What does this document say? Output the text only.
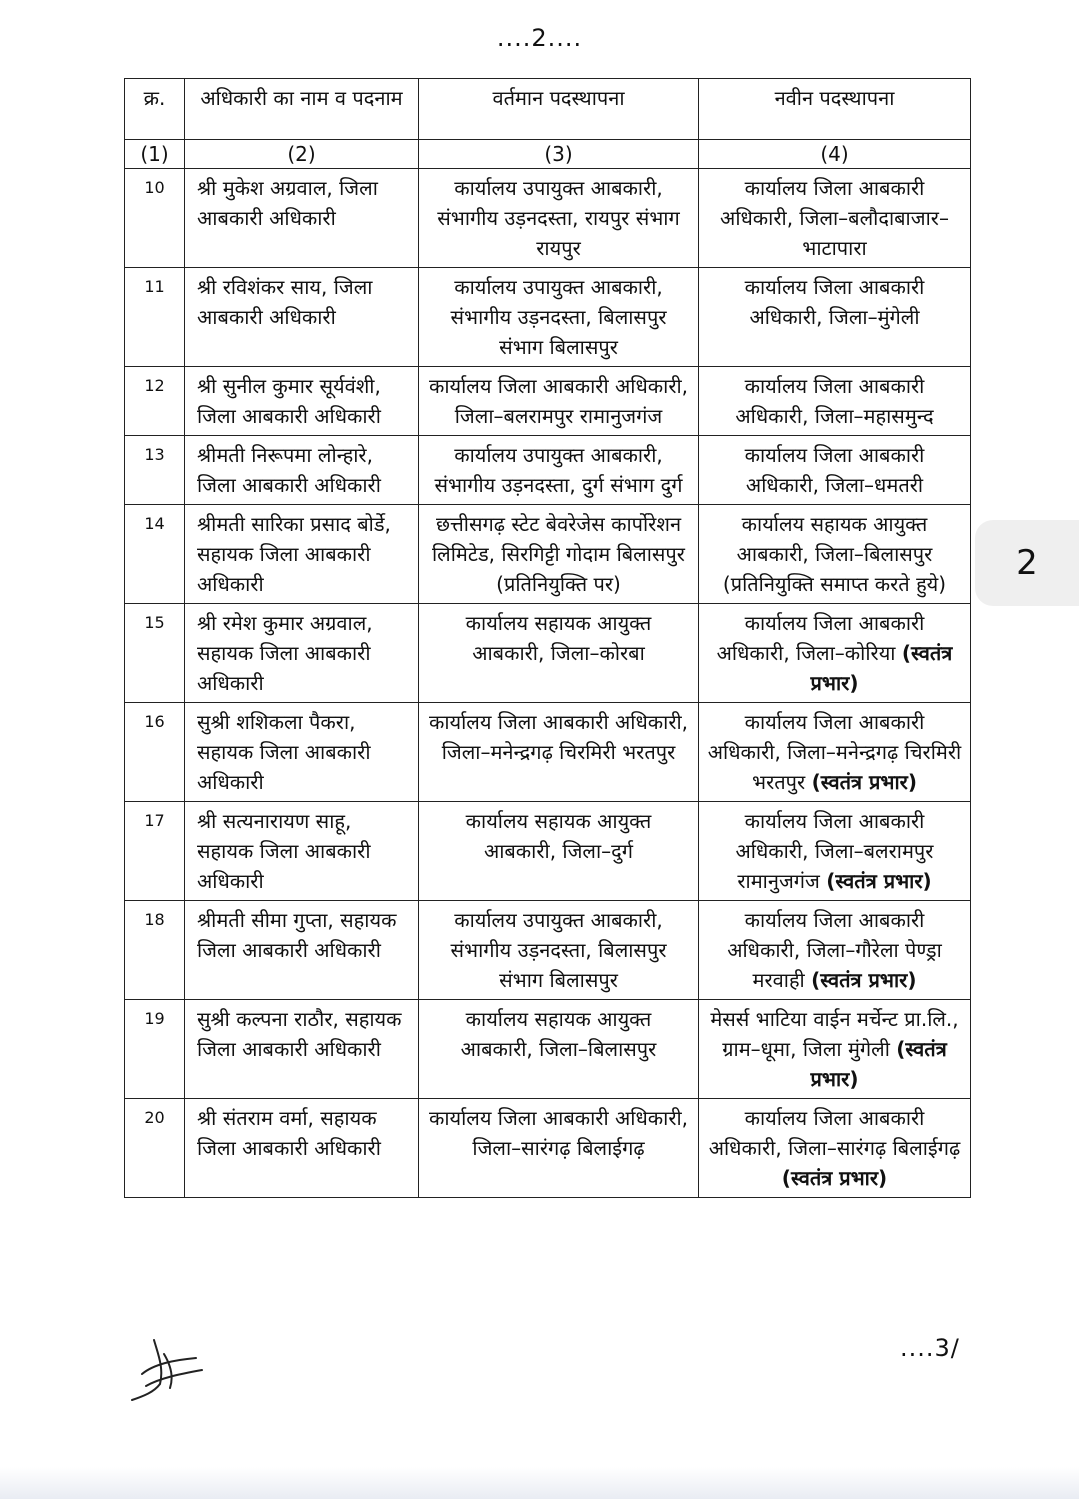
....2....
क्र.	अधिकारी का नाम व पदनाम	वर्तमान पदस्थापना	नवीन पदस्थापना
(1)	(2)	(3)	(4)
10	श्री मुकेश अग्रवाल, जिला आबकारी अधिकारी	कार्यालय उपायुक्त आबकारी, संभागीय उड़नदस्ता, रायपुर संभाग रायपुर	कार्यालय जिला आबकारी अधिकारी, जिला–बलौदाबाजार–भाटापारा
11	श्री रविशंकर साय, जिला आबकारी अधिकारी	कार्यालय उपायुक्त आबकारी, संभागीय उड़नदस्ता, बिलासपुर संभाग बिलासपुर	कार्यालय जिला आबकारी अधिकारी, जिला–मुंगेली
12	श्री सुनील कुमार सूर्यवंशी, जिला आबकारी अधिकारी	कार्यालय जिला आबकारी अधिकारी, जिला–बलरामपुर रामानुजगंज	कार्यालय जिला आबकारी अधिकारी, जिला–महासमुन्द
13	श्रीमती निरूपमा लोन्हारे, जिला आबकारी अधिकारी	कार्यालय उपायुक्त आबकारी, संभागीय उड़नदस्ता, दुर्ग संभाग दुर्ग	कार्यालय जिला आबकारी अधिकारी, जिला–धमतरी
14	श्रीमती सारिका प्रसाद बोर्डे, सहायक जिला आबकारी अधिकारी	छत्तीसगढ़ स्टेट बेवरेजेस कार्पोरेशन लिमिटेड, सिरगिट्टी गोदाम बिलासपुर (प्रतिनियुक्ति पर)	कार्यालय सहायक आयुक्त आबकारी, जिला–बिलासपुर (प्रतिनियुक्ति समाप्त करते हुये)
15	श्री रमेश कुमार अग्रवाल, सहायक जिला आबकारी अधिकारी	कार्यालय सहायक आयुक्त आबकारी, जिला–कोरबा	कार्यालय जिला आबकारी अधिकारी, जिला–कोरिया (स्वतंत्र प्रभार)
16	सुश्री शशिकला पैकरा, सहायक जिला आबकारी अधिकारी	कार्यालय जिला आबकारी अधिकारी, जिला–मनेन्द्रगढ़ चिरमिरी भरतपुर	कार्यालय जिला आबकारी अधिकारी, जिला–मनेन्द्रगढ़ चिरमिरी भरतपुर (स्वतंत्र प्रभार)
17	श्री सत्यनारायण साहू, सहायक जिला आबकारी अधिकारी	कार्यालय सहायक आयुक्त आबकारी, जिला–दुर्ग	कार्यालय जिला आबकारी अधिकारी, जिला–बलरामपुर रामानुजगंज (स्वतंत्र प्रभार)
18	श्रीमती सीमा गुप्ता, सहायक जिला आबकारी अधिकारी	कार्यालय उपायुक्त आबकारी, संभागीय उड़नदस्ता, बिलासपुर संभाग बिलासपुर	कार्यालय जिला आबकारी अधिकारी, जिला–गौरेला पेण्ड्रा मरवाही (स्वतंत्र प्रभार)
19	सुश्री कल्पना राठौर, सहायक जिला आबकारी अधिकारी	कार्यालय सहायक आयुक्त आबकारी, जिला–बिलासपुर	मेसर्स भाटिया वाईन मर्चेन्ट प्रा.लि., ग्राम–धूमा, जिला मुंगेली (स्वतंत्र प्रभार)
20	श्री संतराम वर्मा, सहायक जिला आबकारी अधिकारी	कार्यालय जिला आबकारी अधिकारी, जिला–सारंगढ़ बिलाईगढ़	कार्यालय जिला आबकारी अधिकारी, जिला–सारंगढ़ बिलाईगढ़ (स्वतंत्र प्रभार)
....3/
2
